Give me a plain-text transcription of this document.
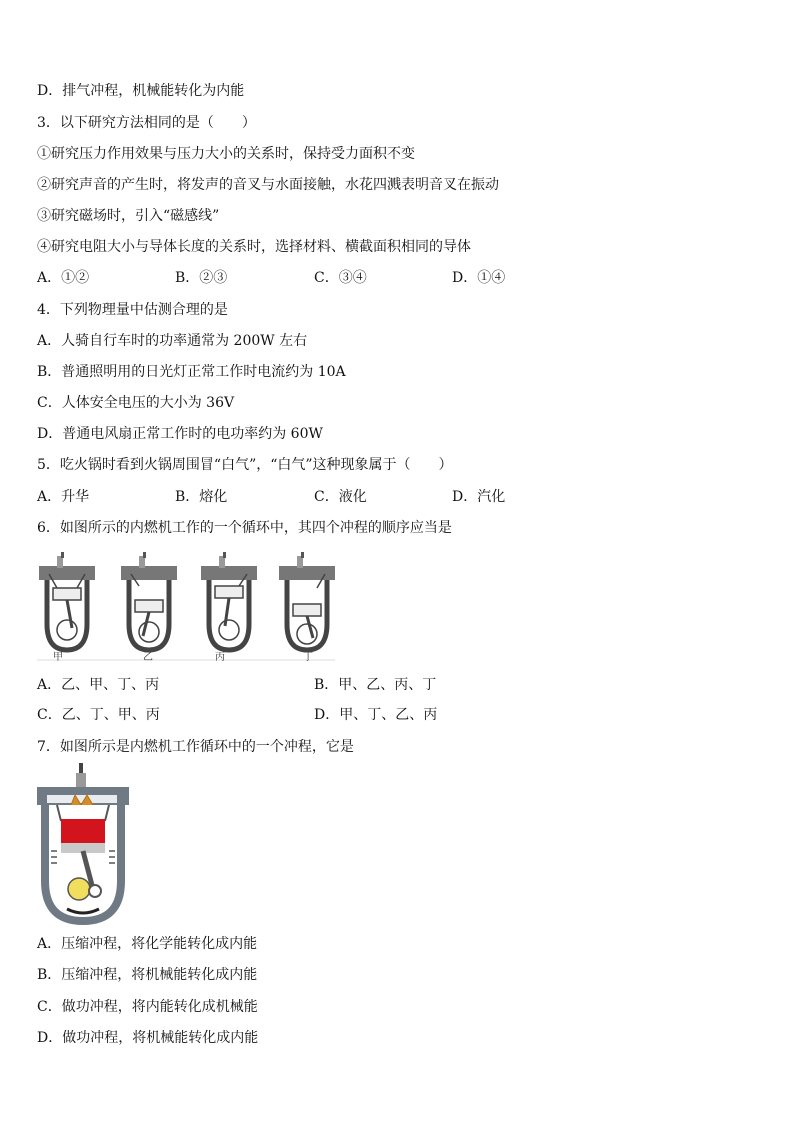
D．排气冲程，机械能转化为内能
3．以下研究方法相同的是（　　）
①研究压力作用效果与压力大小的关系时，保持受力面积不变
②研究声音的产生时，将发声的音叉与水面接触，水花四溅表明音叉在振动
③研究磁场时，引入“磁感线”
④研究电阻大小与导体长度的关系时，选择材料、横截面积相同的导体
A．①②	B．②③	C．③④	D．①④
4．下列物理量中估测合理的是
A．人骑自行车时的功率通常为 200W 左右
B．普通照明用的日光灯正常工作时电流约为 10A
C．人体安全电压的大小为 36V
D．普通电风扇正常工作时的电功率约为 60W
5．吃火锅时看到火锅周围冒“白气”，“白气”这种现象属于（　　）
A．升华	B．熔化	C．液化	D．汽化
6．如图所示的内燃机工作的一个循环中，其四个冲程的顺序应当是
甲	乙	丙	丁
A．乙、甲、丁、丙	B．甲、乙、丙、丁
C．乙、丁、甲、丙	D．甲、丁、乙、丙
7．如图所示是内燃机工作循环中的一个冲程，它是
A．压缩冲程，将化学能转化成内能
B．压缩冲程，将机械能转化成内能
C．做功冲程，将内能转化成机械能
D．做功冲程，将机械能转化成内能
